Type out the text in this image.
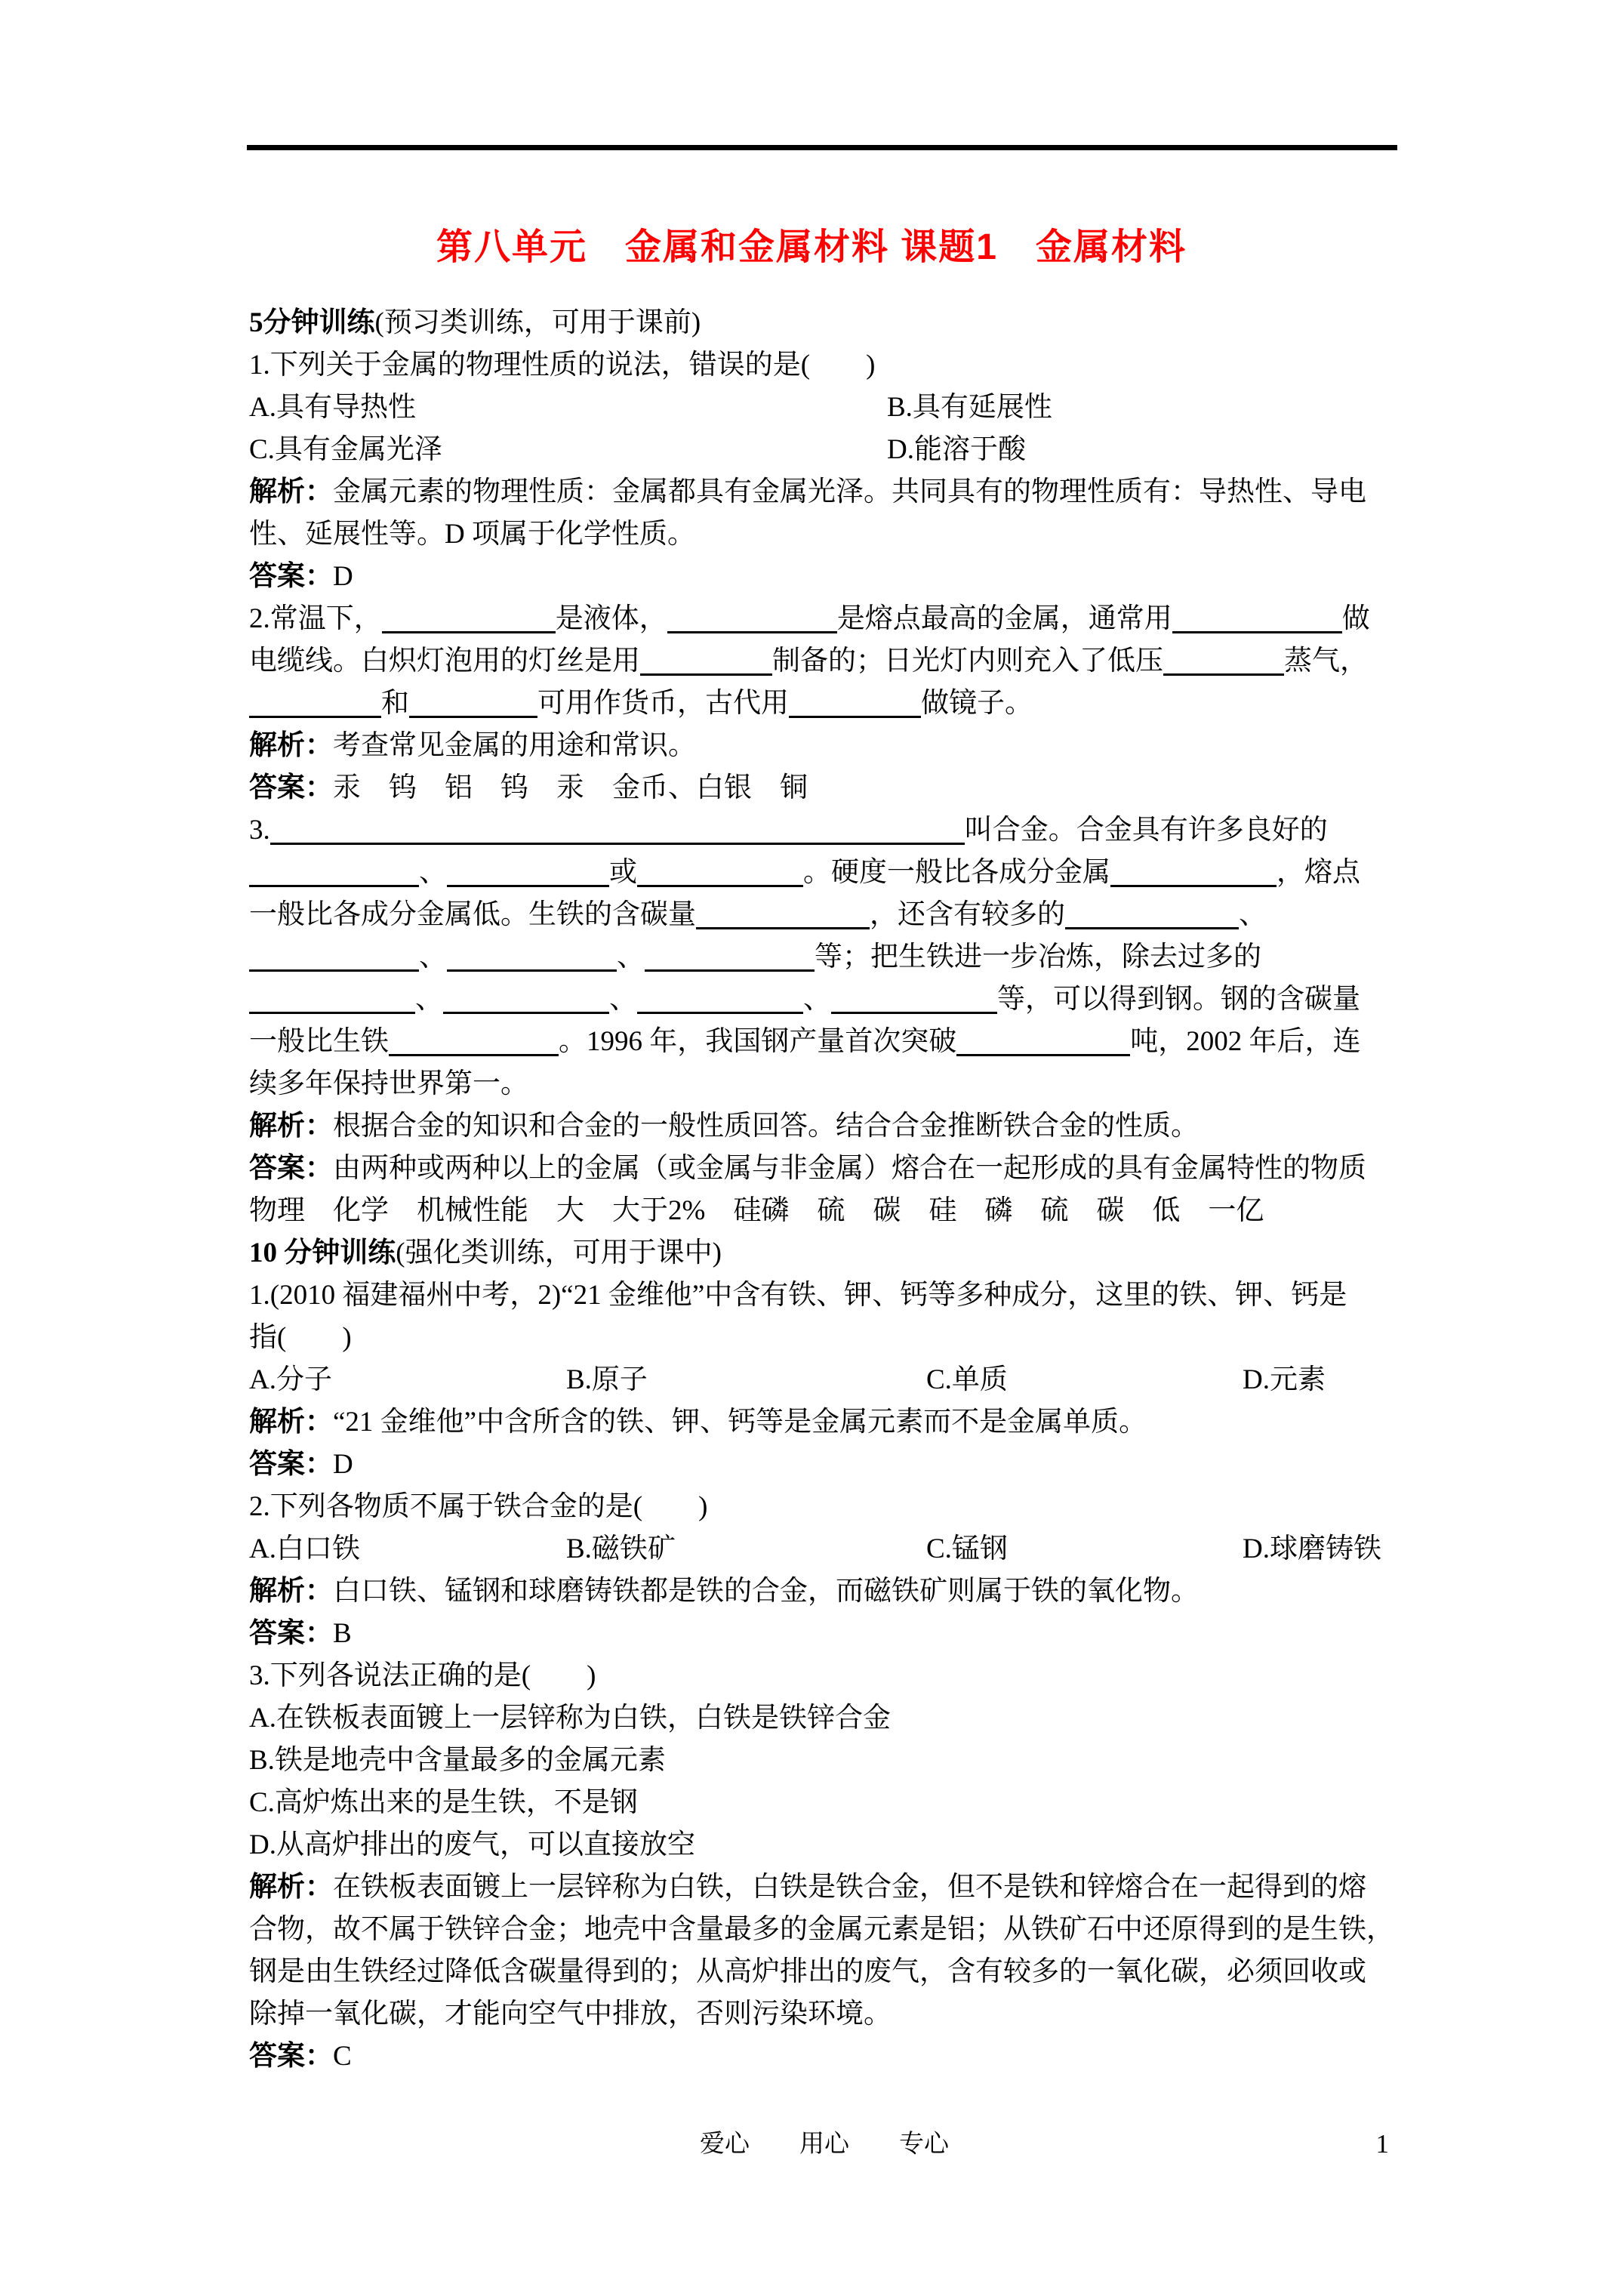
第八单元　金属和金属材料 课题1　金属材料
5分钟训练(预习类训练，可用于课前)
1.下列关于金属的物理性质的说法，错误的是(　　)
A.具有导热性	B.具有延展性
C.具有金属光泽	D.能溶于酸
解析：金属元素的物理性质：金属都具有金属光泽。共同具有的物理性质有：导热性、导电
性、延展性等。D 项属于化学性质。
答案：D
2.常温下，	是液体，	是熔点最高的金属，通常用	做
电缆线。白炽灯泡用的灯丝是用	制备的；日光灯内则充入了低压	蒸气，
和	可用作货币，古代用	做镜子。
解析：考查常见金属的用途和常识。
答案：汞　钨　铝　钨　汞　金币、白银　铜
3.	叫合金。合金具有许多良好的
、	或	。硬度一般比各成分金属	，熔点
一般比各成分金属低。生铁的含碳量	，还含有较多的	、
、	、	等；把生铁进一步冶炼，除去过多的
、	、	、	等，可以得到钢。钢的含碳量
一般比生铁	。1996 年，我国钢产量首次突破	吨，2002 年后，连
续多年保持世界第一。
解析：根据合金的知识和合金的一般性质回答。结合合金推断铁合金的性质。
答案：由两种或两种以上的金属（或金属与非金属）熔合在一起形成的具有金属特性的物质
物理　化学　机械性能　大　大于2%　硅磷　硫　碳　硅　磷　硫　碳　低　一亿
10 分钟训练(强化类训练，可用于课中)
1.(2010 福建福州中考，2)“21 金维他”中含有铁、钾、钙等多种成分，这里的铁、钾、钙是
指(　　)
A.分子	B.原子	C.单质	D.元素
解析：“21 金维他”中含所含的铁、钾、钙等是金属元素而不是金属单质。
答案：D
2.下列各物质不属于铁合金的是(　　)
A.白口铁	B.磁铁矿	C.锰钢	D.球磨铸铁
解析：白口铁、锰钢和球磨铸铁都是铁的合金，而磁铁矿则属于铁的氧化物。
答案：B
3.下列各说法正确的是(　　)
A.在铁板表面镀上一层锌称为白铁，白铁是铁锌合金
B.铁是地壳中含量最多的金属元素
C.高炉炼出来的是生铁，不是钢
D.从高炉排出的废气，可以直接放空
解析：在铁板表面镀上一层锌称为白铁，白铁是铁合金，但不是铁和锌熔合在一起得到的熔
合物，故不属于铁锌合金；地壳中含量最多的金属元素是铝；从铁矿石中还原得到的是生铁，
钢是由生铁经过降低含碳量得到的；从高炉排出的废气，含有较多的一氧化碳，必须回收或
除掉一氧化碳，才能向空气中排放，否则污染环境。
答案：C
爱心　　用心　　专心	1
